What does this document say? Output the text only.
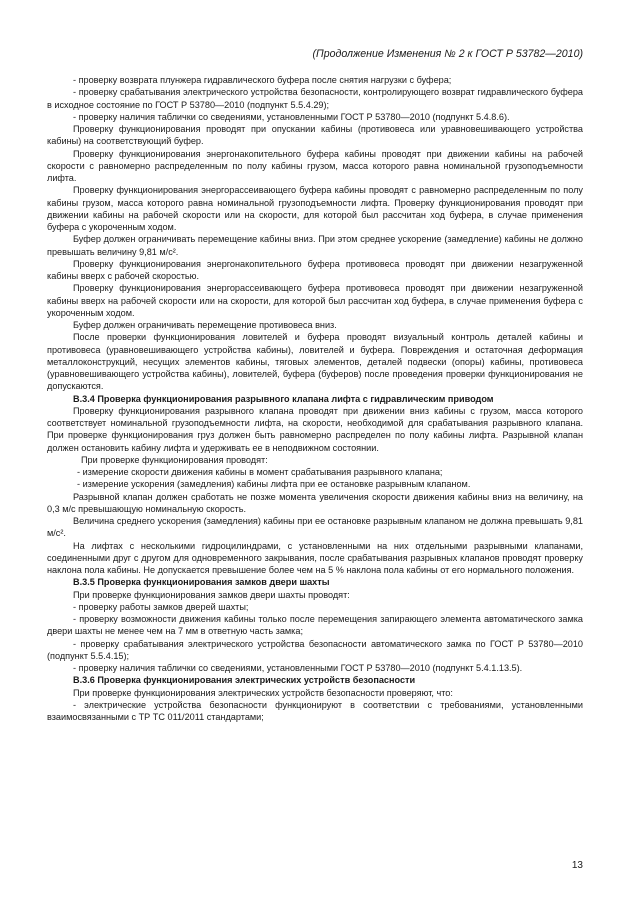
(Продолжение Изменения № 2 к ГОСТ Р 53782—2010)

- проверку возврата плунжера гидравлического буфера после снятия нагрузки с буфера;

- проверку срабатывания электрического устройства безопасности, контролирующего возврат гидравлического буфера в исходное состояние по ГОСТ Р 53780—2010 (подпункт 5.5.4.29);

- проверку наличия таблички со сведениями, установленными ГОСТ Р 53780—2010 (подпункт 5.4.8.6).

Проверку функционирования проводят при опускании кабины (противовеса или уравновешивающего устройства кабины) на соответствующий буфер.

Проверку функционирования энергонакопительного буфера кабины проводят при движении кабины на рабочей скорости с равномерно распределенным по полу кабины грузом, масса которого равна номинальной грузоподъемности лифта.

Проверку функционирования энергорассеивающего буфера кабины проводят с равномерно распределенным по полу кабины грузом, масса которого равна номинальной грузоподъемности лифта. Проверку функционирования проводят при движении кабины на рабочей скорости или на скорости, для которой был рассчитан ход буфера, в случае применения буфера с укороченным ходом.

Буфер должен ограничивать перемещение кабины вниз. При этом среднее ускорение (замедление) кабины не должно превышать величину 9,81 м/с².

Проверку функционирования энергонакопительного буфера противовеса проводят при движении незагруженной кабины вверх с рабочей скоростью.

Проверку функционирования энергорассеивающего буфера противовеса проводят при движении незагруженной кабины вверх на рабочей скорости или на скорости, для которой был рассчитан ход буфера, в случае применения буфера с укороченным ходом.

Буфер должен ограничивать перемещение противовеса вниз.

После проверки функционирования ловителей и буфера проводят визуальный контроль деталей кабины и противовеса (уравновешивающего устройства кабины), ловителей и буфера. Повреждения и остаточная деформация металлоконструкций, несущих элементов кабины, тяговых элементов, деталей подвески (опоры) кабины, противовеса (уравновешивающего устройства кабины), ловителей, буфера (буферов) после проведения проверки функционирования не допускаются.

В.3.4 Проверка функционирования разрывного клапана лифта с гидравлическим приводом

Проверку функционирования разрывного клапана проводят при движении вниз кабины с грузом, масса которого соответствует номинальной грузоподъемности лифта, на скорости, необходимой для срабатывания разрывного клапана. При проверке функционирования груз должен быть равномерно распределен по полу кабины лифта. Разрывной клапан должен остановить кабину лифта и удерживать ее в неподвижном состоянии.

При проверке функционирования проводят:

- измерение скорости движения кабины в момент срабатывания разрывного клапана;

- измерение ускорения (замедления) кабины лифта при ее остановке разрывным клапаном.

Разрывной клапан должен сработать не позже момента увеличения скорости движения кабины вниз на величину, на 0,3 м/с превышающую номинальную скорость.

Величина среднего ускорения (замедления) кабины при ее остановке разрывным клапаном не должна превышать 9,81 м/с².

На лифтах с несколькими гидроцилиндрами, с установленными на них отдельными разрывными клапанами, соединенными друг с другом для одновременного закрывания, после срабатывания разрывных клапанов проводят проверку наклона пола кабины. Не допускается превышение более чем на 5 % наклона пола кабины от его нормального положения.

В.3.5 Проверка функционирования замков двери шахты

При проверке функционирования замков двери шахты проводят:

- проверку работы замков дверей шахты;

- проверку возможности движения кабины только после перемещения запирающего элемента автоматического замка двери шахты не менее чем на 7 мм в ответную часть замка;

- проверку срабатывания электрического устройства безопасности автоматического замка по ГОСТ Р 53780—2010 (подпункт 5.5.4.15);

- проверку наличия таблички со сведениями, установленными ГОСТ Р 53780—2010 (подпункт 5.4.1.13.5).

В.3.6 Проверка функционирования электрических устройств безопасности

При проверке функционирования электрических устройств безопасности проверяют, что:

- электрические устройства безопасности функционируют в соответствии с требованиями, установленными взаимосвязанными с ТР ТС 011/2011 стандартами;

13
